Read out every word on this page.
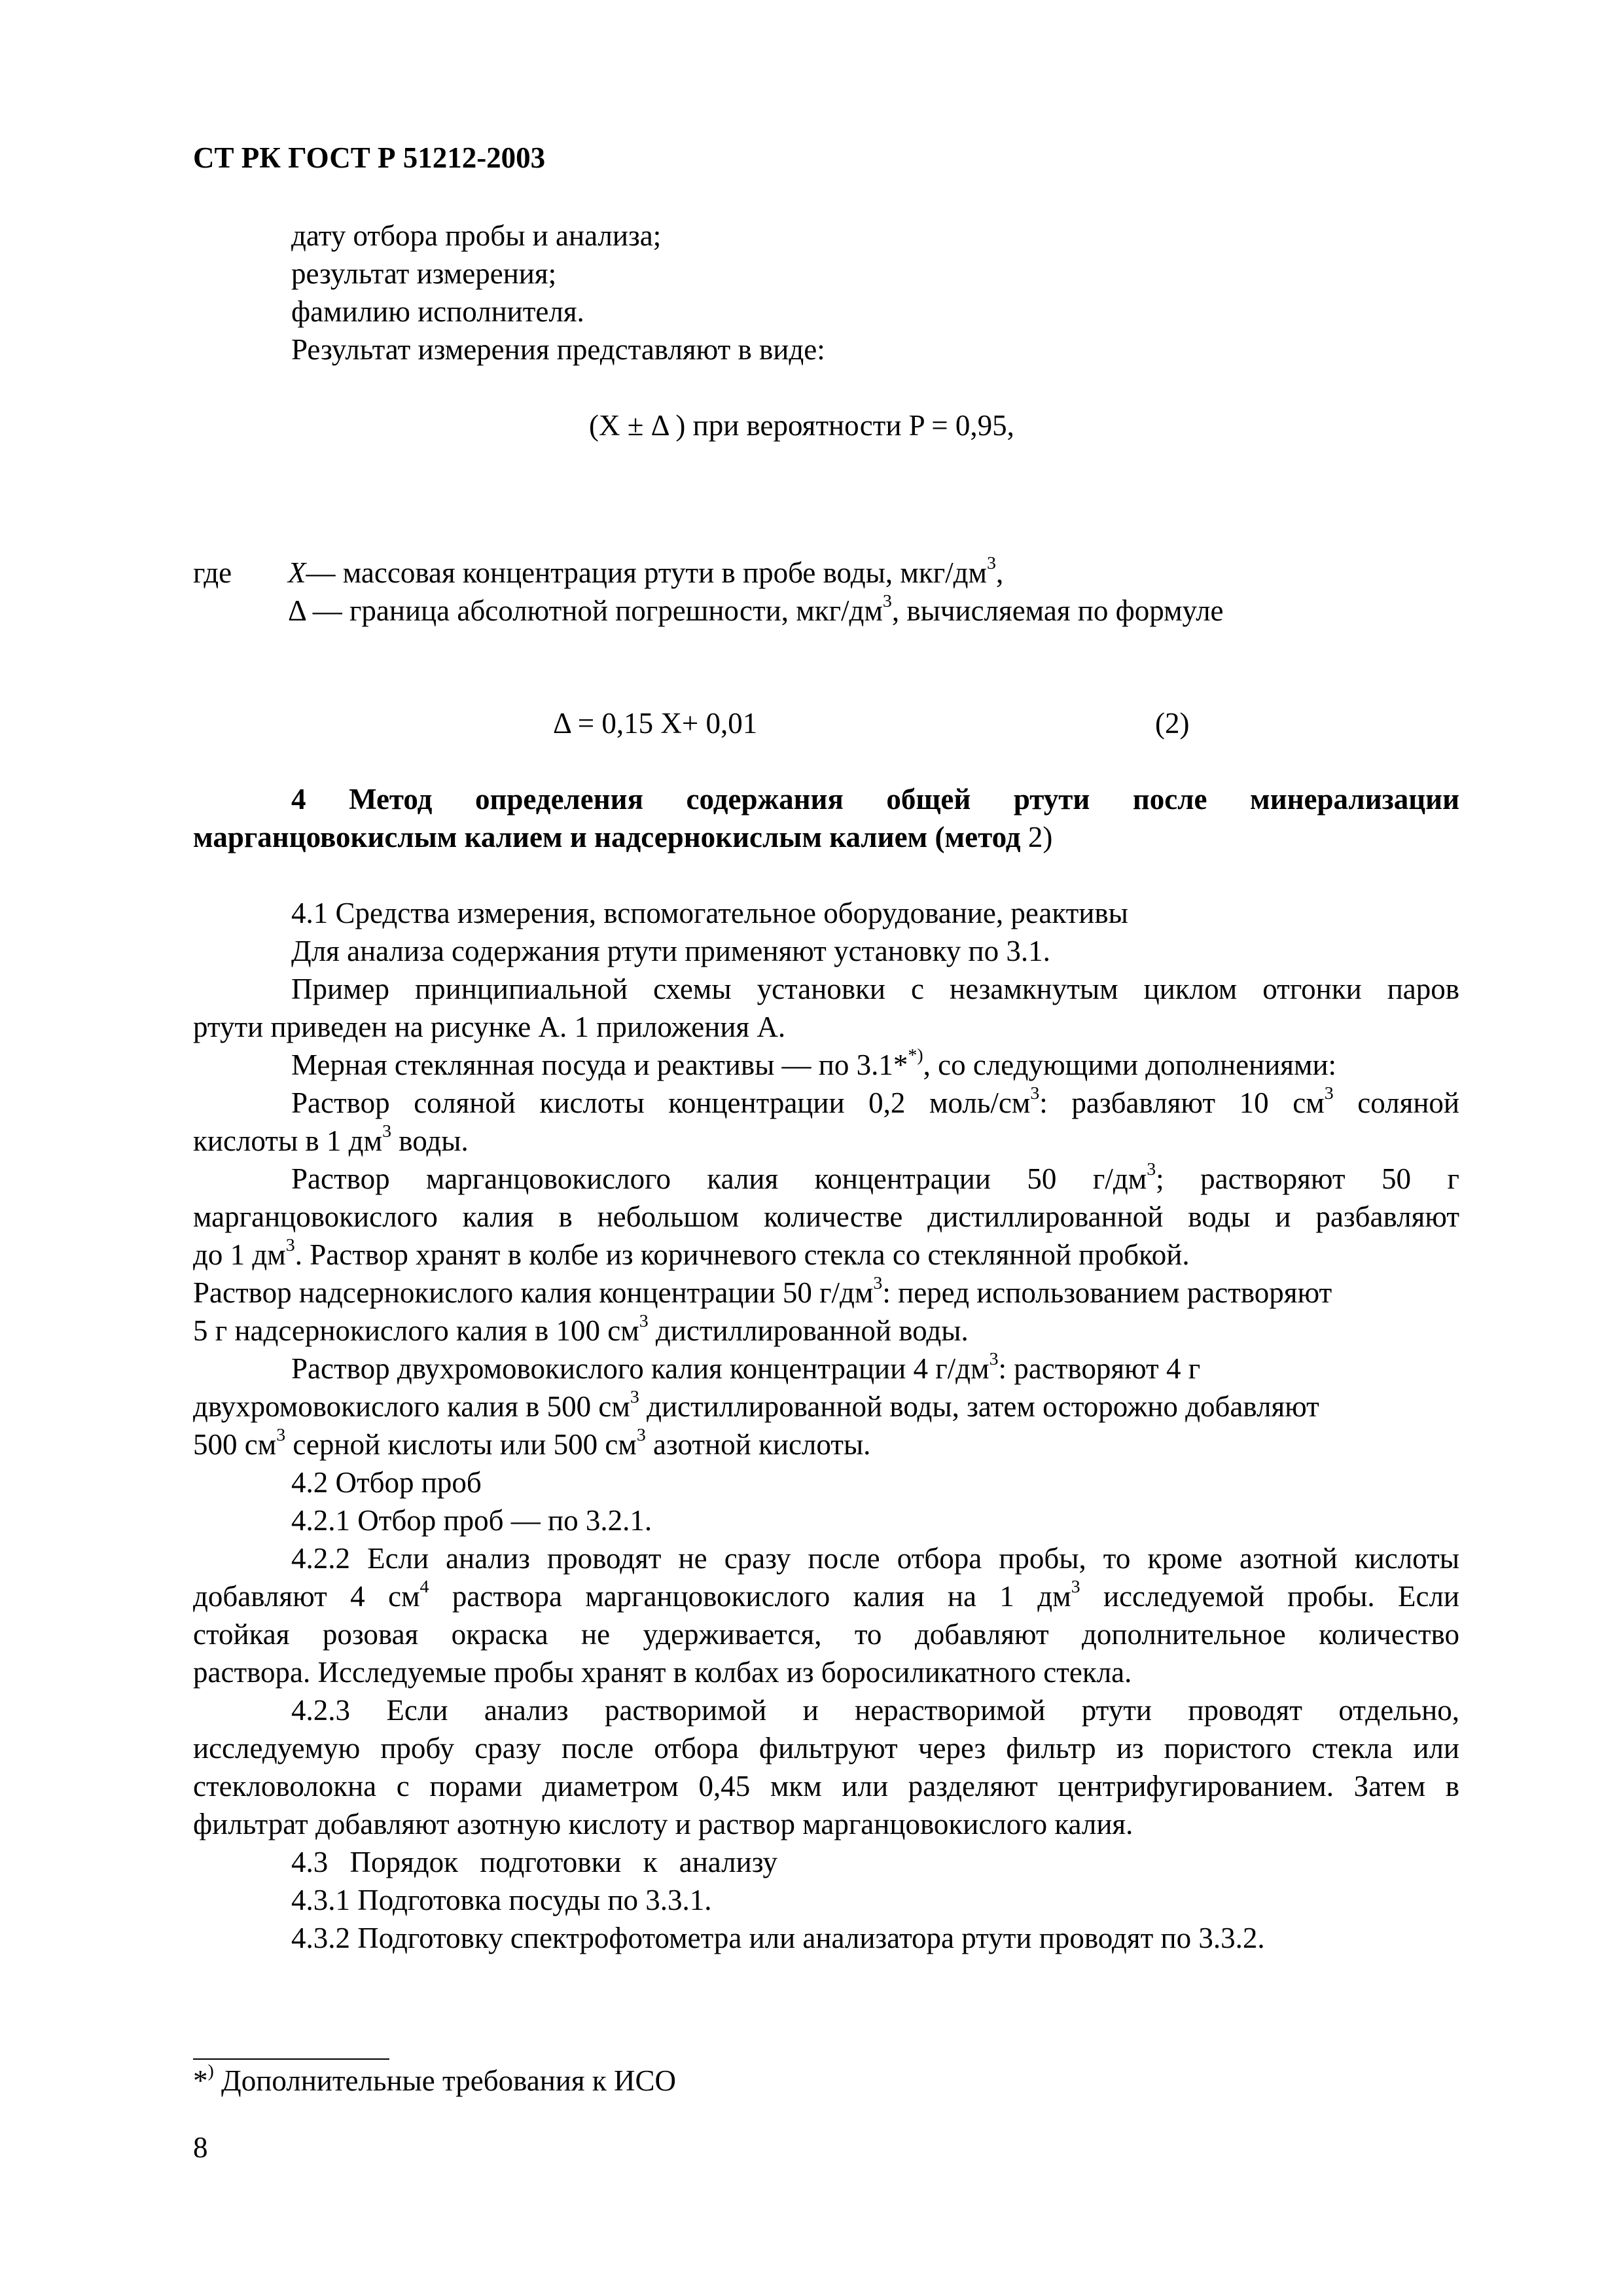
СТ РК ГОСТ Р 51212-2003
дату отбора пробы и анализа;
результат измерения;
фамилию исполнителя.
Результат измерения представляют в виде:
(X ± Δ ) при вероятности P = 0,95,
где X— массовая концентрация ртути в пробе воды, мкг/$дм^3$,
Δ — граница абсолютной погрешности, мкг/$дм^3$, вычисляемая по формуле
Δ = 0,15 X+ 0,01	(2)
4 Метод определения содержания общей ртути после минерализации
марганцовокислым калием и надсернокислым калием (метод 2)
4.1 Средства измерения, вспомогательное оборудование, реактивы
Для анализа содержания ртути применяют установку по 3.1.
Пример принципиальной схемы установки с незамкнутым циклом отгонки паров
ртути приведен на рисунке А. 1 приложения А.
Мерная стеклянная посуда и реактивы — по 3.1**), со следующими дополнениями:
Раствор соляной кислоты концентрации 0,2 моль/$см^3$: разбавляют 10 $см^3$ соляной
кислоты в 1 $дм^3$ воды.
Раствор марганцовокислого калия концентрации 50 $г/дм^3$; растворяют 50 г
марганцовокислого калия в небольшом количестве дистиллированной воды и разбавляют
до 1 $дм^3$. Раствор хранят в колбе из коричневого стекла со стеклянной пробкой.
Раствор надсернокислого калия концентрации 50 $г/дм^3$: перед использованием растворяют
5 г надсернокислого калия в 100 $см^3$ дистиллированной воды.
Раствор двухромовокислого калия концентрации 4 $г/дм^3$: растворяют 4 г
двухромовокислого калия в 500 $см^3$ дистиллированной воды, затем осторожно добавляют
500 $см^3$ серной кислоты или 500 $см^3$ азотной кислоты.
4.2 Отбор проб
4.2.1 Отбор проб — по 3.2.1.
4.2.2 Если анализ проводят не сразу после отбора пробы, то кроме азотной кислоты
добавляют 4 $см^4$ раствора марганцовокислого калия на 1 $дм^3$ исследуемой пробы. Если
стойкая розовая окраска не удерживается, то добавляют дополнительное количество
раствора. Исследуемые пробы хранят в колбах из боросиликатного стекла.
4.2.3 Если анализ растворимой и нерастворимой ртути проводят отдельно,
исследуемую пробу сразу после отбора фильтруют через фильтр из пористого стекла или
стекловолокна с порами диаметром 0,45 мкм или разделяют центрифугированием. Затем в
фильтрат добавляют азотную кислоту и раствор марганцовокислого калия.
4.3 Порядок подготовки к анализу
4.3.1 Подготовка посуды по 3.3.1.
4.3.2 Подготовку спектрофотометра или анализатора ртути проводят по 3.3.2.
*) Дополнительные требования к ИСО
8
